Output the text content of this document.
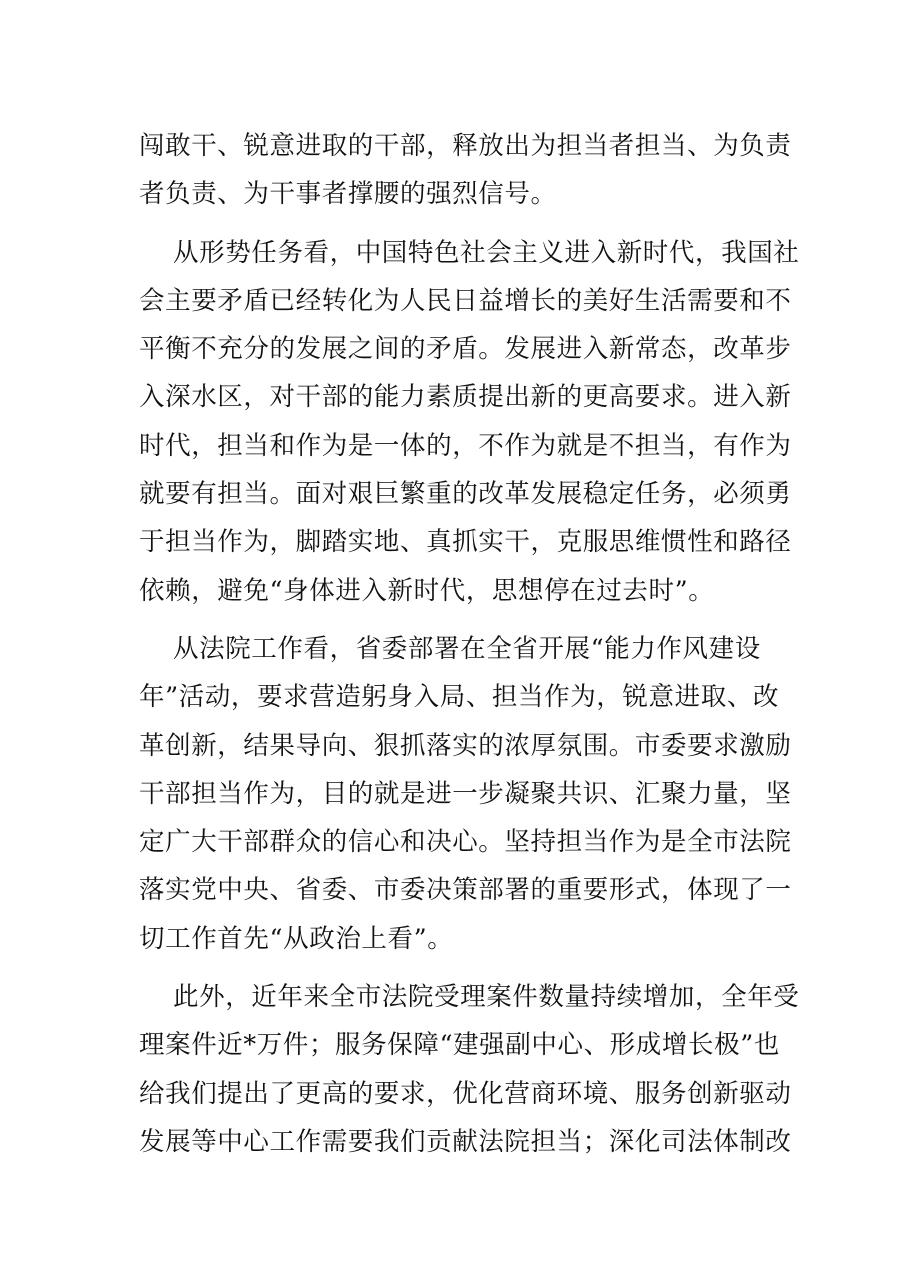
闯敢干、锐意进取的干部，释放出为担当者担当、为负责
者负责、为干事者撑腰的强烈信号。
从形势任务看，中国特色社会主义进入新时代，我国社
会主要矛盾已经转化为人民日益增长的美好生活需要和不
平衡不充分的发展之间的矛盾。发展进入新常态，改革步
入深水区，对干部的能力素质提出新的更高要求。进入新
时代，担当和作为是一体的，不作为就是不担当，有作为
就要有担当。面对艰巨繁重的改革发展稳定任务，必须勇
于担当作为，脚踏实地、真抓实干，克服思维惯性和路径
依赖，避免“身体进入新时代，思想停在过去时”。
从法院工作看，省委部署在全省开展“能力作风建设
年”活动，要求营造躬身入局、担当作为，锐意进取、改
革创新，结果导向、狠抓落实的浓厚氛围。市委要求激励
干部担当作为，目的就是进一步凝聚共识、汇聚力量，坚
定广大干部群众的信心和决心。坚持担当作为是全市法院
落实党中央、省委、市委决策部署的重要形式，体现了一
切工作首先“从政治上看”。
此外，近年来全市法院受理案件数量持续增加，全年受
理案件近*万件；服务保障“建强副中心、形成增长极”也
给我们提出了更高的要求，优化营商环境、服务创新驱动
发展等中心工作需要我们贡献法院担当；深化司法体制改
